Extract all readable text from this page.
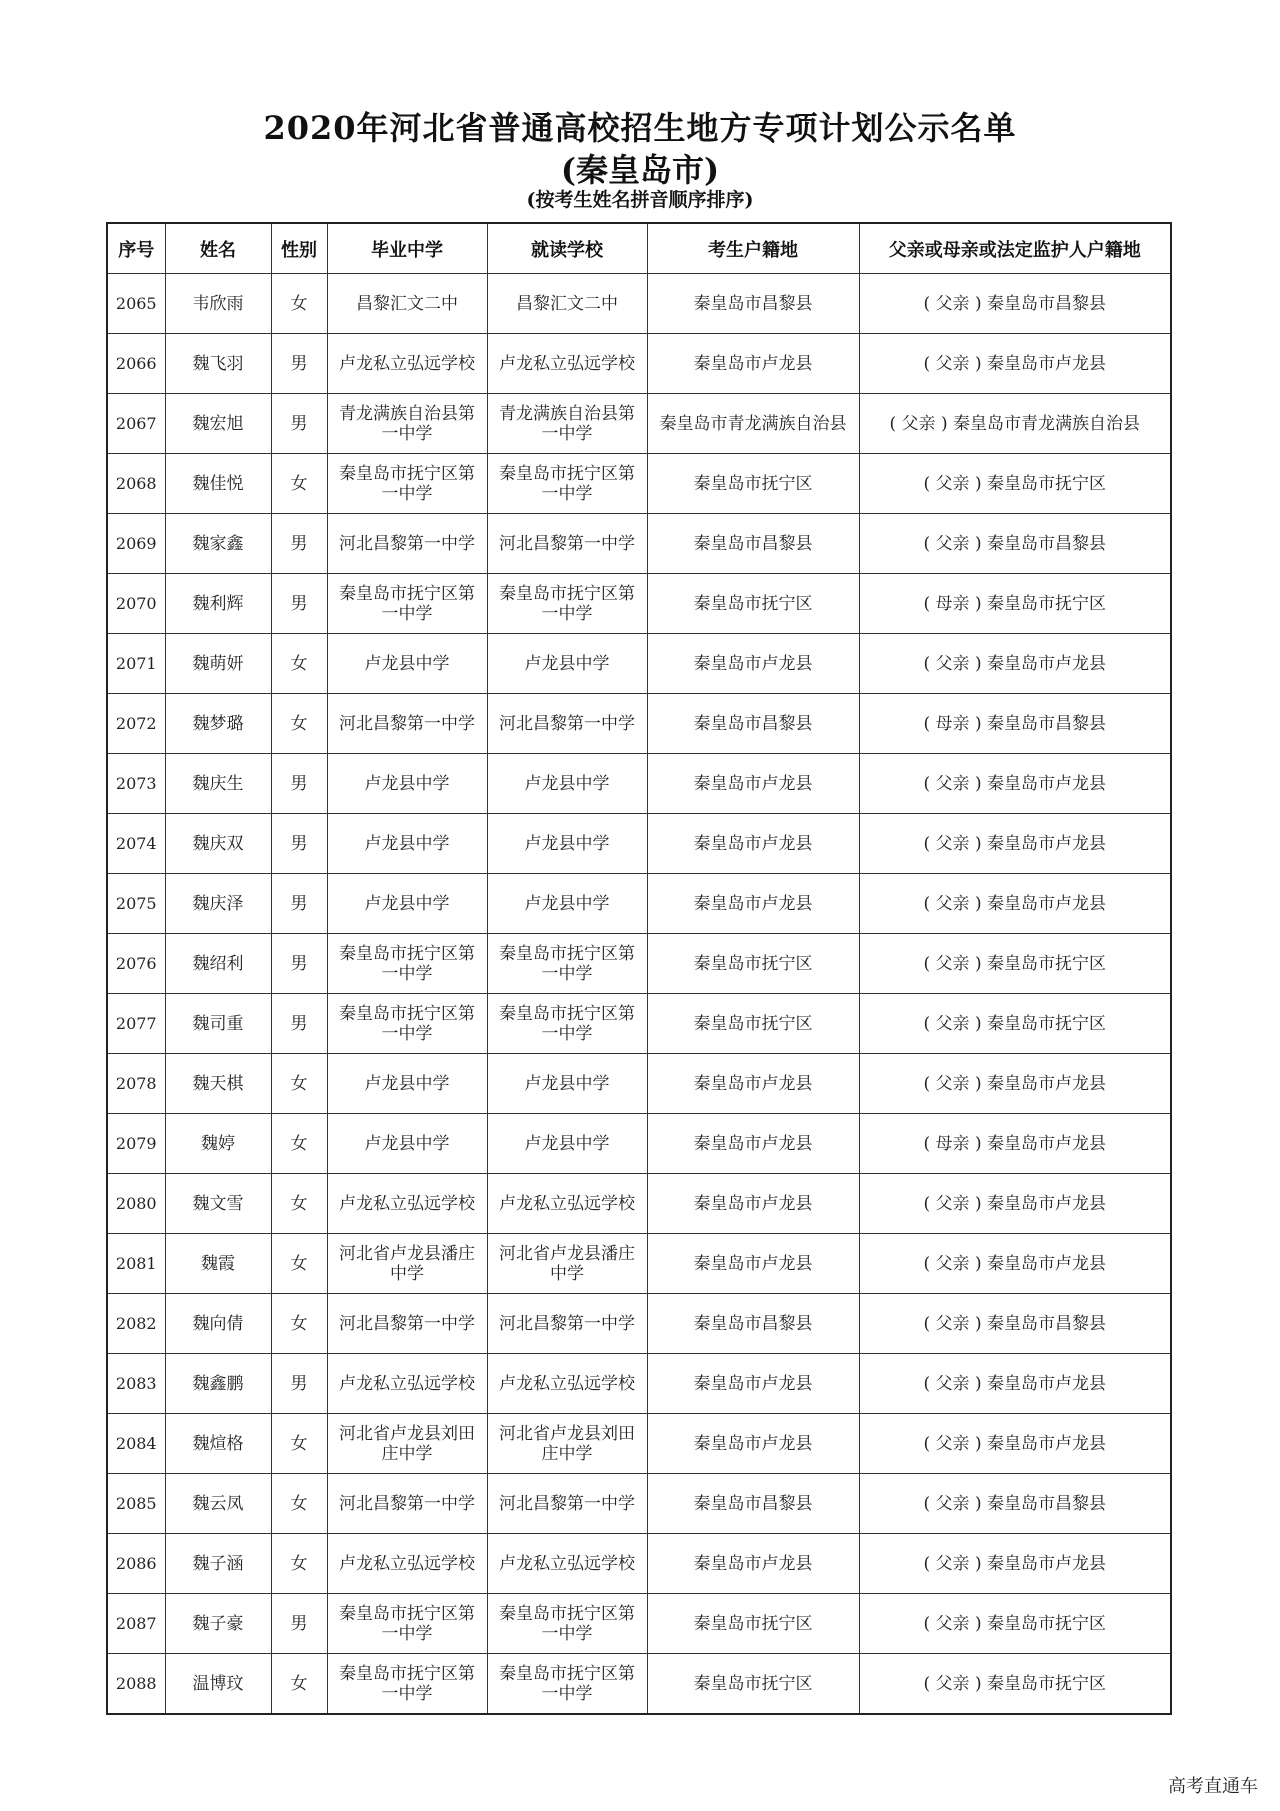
2020年河北省普通高校招生地方专项计划公示名单
(秦皇岛市)
(按考生姓名拼音顺序排序)
序号	姓名	性别	毕业中学	就读学校	考生户籍地	父亲或母亲或法定监护人户籍地
2065	韦欣雨	女	昌黎汇文二中	昌黎汇文二中	秦皇岛市昌黎县	( 父亲 ) 秦皇岛市昌黎县
2066	魏飞羽	男	卢龙私立弘远学校	卢龙私立弘远学校	秦皇岛市卢龙县	( 父亲 ) 秦皇岛市卢龙县
2067	魏宏旭	男	青龙满族自治县第一中学	青龙满族自治县第一中学	秦皇岛市青龙满族自治县	( 父亲 ) 秦皇岛市青龙满族自治县
2068	魏佳悦	女	秦皇岛市抚宁区第一中学	秦皇岛市抚宁区第一中学	秦皇岛市抚宁区	( 父亲 ) 秦皇岛市抚宁区
2069	魏家鑫	男	河北昌黎第一中学	河北昌黎第一中学	秦皇岛市昌黎县	( 父亲 ) 秦皇岛市昌黎县
2070	魏利辉	男	秦皇岛市抚宁区第一中学	秦皇岛市抚宁区第一中学	秦皇岛市抚宁区	( 母亲 ) 秦皇岛市抚宁区
2071	魏萌妍	女	卢龙县中学	卢龙县中学	秦皇岛市卢龙县	( 父亲 ) 秦皇岛市卢龙县
2072	魏梦璐	女	河北昌黎第一中学	河北昌黎第一中学	秦皇岛市昌黎县	( 母亲 ) 秦皇岛市昌黎县
2073	魏庆生	男	卢龙县中学	卢龙县中学	秦皇岛市卢龙县	( 父亲 ) 秦皇岛市卢龙县
2074	魏庆双	男	卢龙县中学	卢龙县中学	秦皇岛市卢龙县	( 父亲 ) 秦皇岛市卢龙县
2075	魏庆泽	男	卢龙县中学	卢龙县中学	秦皇岛市卢龙县	( 父亲 ) 秦皇岛市卢龙县
2076	魏绍利	男	秦皇岛市抚宁区第一中学	秦皇岛市抚宁区第一中学	秦皇岛市抚宁区	( 父亲 ) 秦皇岛市抚宁区
2077	魏司重	男	秦皇岛市抚宁区第一中学	秦皇岛市抚宁区第一中学	秦皇岛市抚宁区	( 父亲 ) 秦皇岛市抚宁区
2078	魏天棋	女	卢龙县中学	卢龙县中学	秦皇岛市卢龙县	( 父亲 ) 秦皇岛市卢龙县
2079	魏婷	女	卢龙县中学	卢龙县中学	秦皇岛市卢龙县	( 母亲 ) 秦皇岛市卢龙县
2080	魏文雪	女	卢龙私立弘远学校	卢龙私立弘远学校	秦皇岛市卢龙县	( 父亲 ) 秦皇岛市卢龙县
2081	魏霞	女	河北省卢龙县潘庄中学	河北省卢龙县潘庄中学	秦皇岛市卢龙县	( 父亲 ) 秦皇岛市卢龙县
2082	魏向倩	女	河北昌黎第一中学	河北昌黎第一中学	秦皇岛市昌黎县	( 父亲 ) 秦皇岛市昌黎县
2083	魏鑫鹏	男	卢龙私立弘远学校	卢龙私立弘远学校	秦皇岛市卢龙县	( 父亲 ) 秦皇岛市卢龙县
2084	魏煊格	女	河北省卢龙县刘田庄中学	河北省卢龙县刘田庄中学	秦皇岛市卢龙县	( 父亲 ) 秦皇岛市卢龙县
2085	魏云凤	女	河北昌黎第一中学	河北昌黎第一中学	秦皇岛市昌黎县	( 父亲 ) 秦皇岛市昌黎县
2086	魏子涵	女	卢龙私立弘远学校	卢龙私立弘远学校	秦皇岛市卢龙县	( 父亲 ) 秦皇岛市卢龙县
2087	魏子豪	男	秦皇岛市抚宁区第一中学	秦皇岛市抚宁区第一中学	秦皇岛市抚宁区	( 父亲 ) 秦皇岛市抚宁区
2088	温博玟	女	秦皇岛市抚宁区第一中学	秦皇岛市抚宁区第一中学	秦皇岛市抚宁区	( 父亲 ) 秦皇岛市抚宁区
高考直通车
